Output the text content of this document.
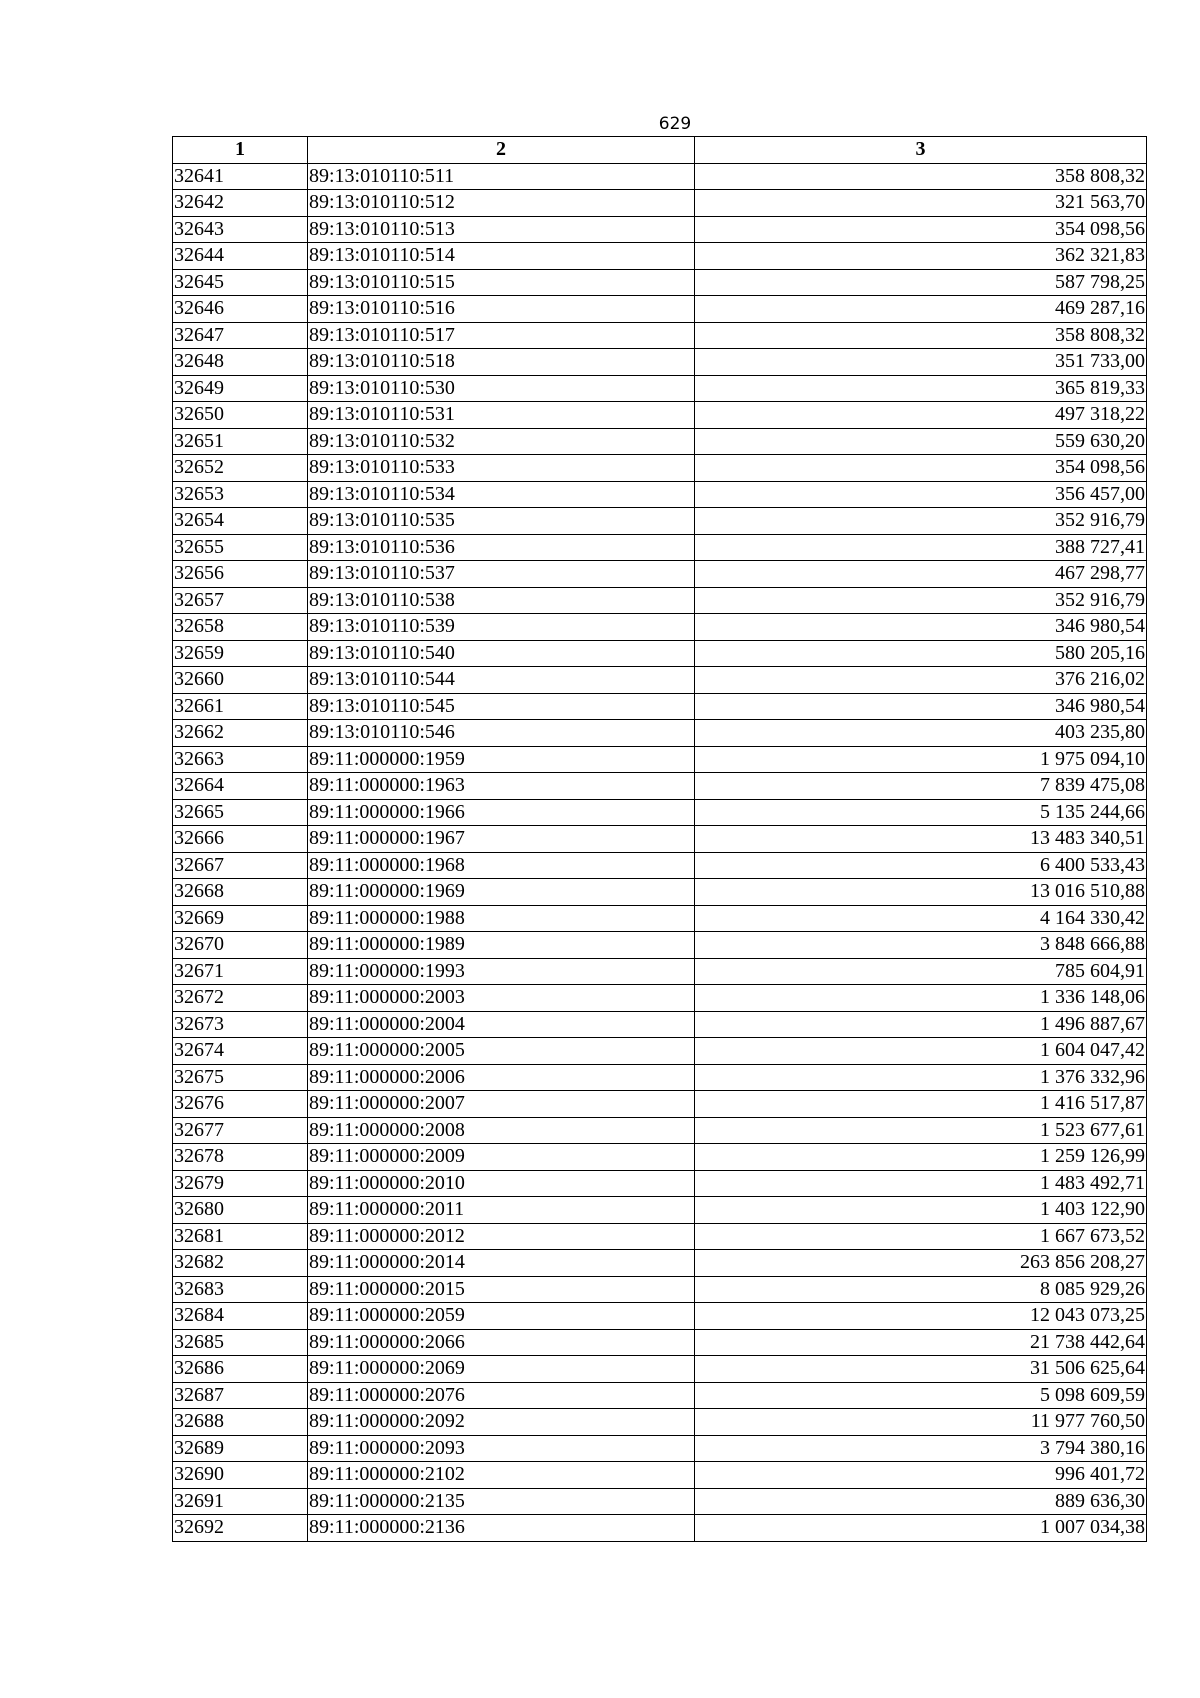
629
1	2	3
32641	89:13:010110:511	358 808,32
32642	89:13:010110:512	321 563,70
32643	89:13:010110:513	354 098,56
32644	89:13:010110:514	362 321,83
32645	89:13:010110:515	587 798,25
32646	89:13:010110:516	469 287,16
32647	89:13:010110:517	358 808,32
32648	89:13:010110:518	351 733,00
32649	89:13:010110:530	365 819,33
32650	89:13:010110:531	497 318,22
32651	89:13:010110:532	559 630,20
32652	89:13:010110:533	354 098,56
32653	89:13:010110:534	356 457,00
32654	89:13:010110:535	352 916,79
32655	89:13:010110:536	388 727,41
32656	89:13:010110:537	467 298,77
32657	89:13:010110:538	352 916,79
32658	89:13:010110:539	346 980,54
32659	89:13:010110:540	580 205,16
32660	89:13:010110:544	376 216,02
32661	89:13:010110:545	346 980,54
32662	89:13:010110:546	403 235,80
32663	89:11:000000:1959	1 975 094,10
32664	89:11:000000:1963	7 839 475,08
32665	89:11:000000:1966	5 135 244,66
32666	89:11:000000:1967	13 483 340,51
32667	89:11:000000:1968	6 400 533,43
32668	89:11:000000:1969	13 016 510,88
32669	89:11:000000:1988	4 164 330,42
32670	89:11:000000:1989	3 848 666,88
32671	89:11:000000:1993	785 604,91
32672	89:11:000000:2003	1 336 148,06
32673	89:11:000000:2004	1 496 887,67
32674	89:11:000000:2005	1 604 047,42
32675	89:11:000000:2006	1 376 332,96
32676	89:11:000000:2007	1 416 517,87
32677	89:11:000000:2008	1 523 677,61
32678	89:11:000000:2009	1 259 126,99
32679	89:11:000000:2010	1 483 492,71
32680	89:11:000000:2011	1 403 122,90
32681	89:11:000000:2012	1 667 673,52
32682	89:11:000000:2014	263 856 208,27
32683	89:11:000000:2015	8 085 929,26
32684	89:11:000000:2059	12 043 073,25
32685	89:11:000000:2066	21 738 442,64
32686	89:11:000000:2069	31 506 625,64
32687	89:11:000000:2076	5 098 609,59
32688	89:11:000000:2092	11 977 760,50
32689	89:11:000000:2093	3 794 380,16
32690	89:11:000000:2102	996 401,72
32691	89:11:000000:2135	889 636,30
32692	89:11:000000:2136	1 007 034,38
